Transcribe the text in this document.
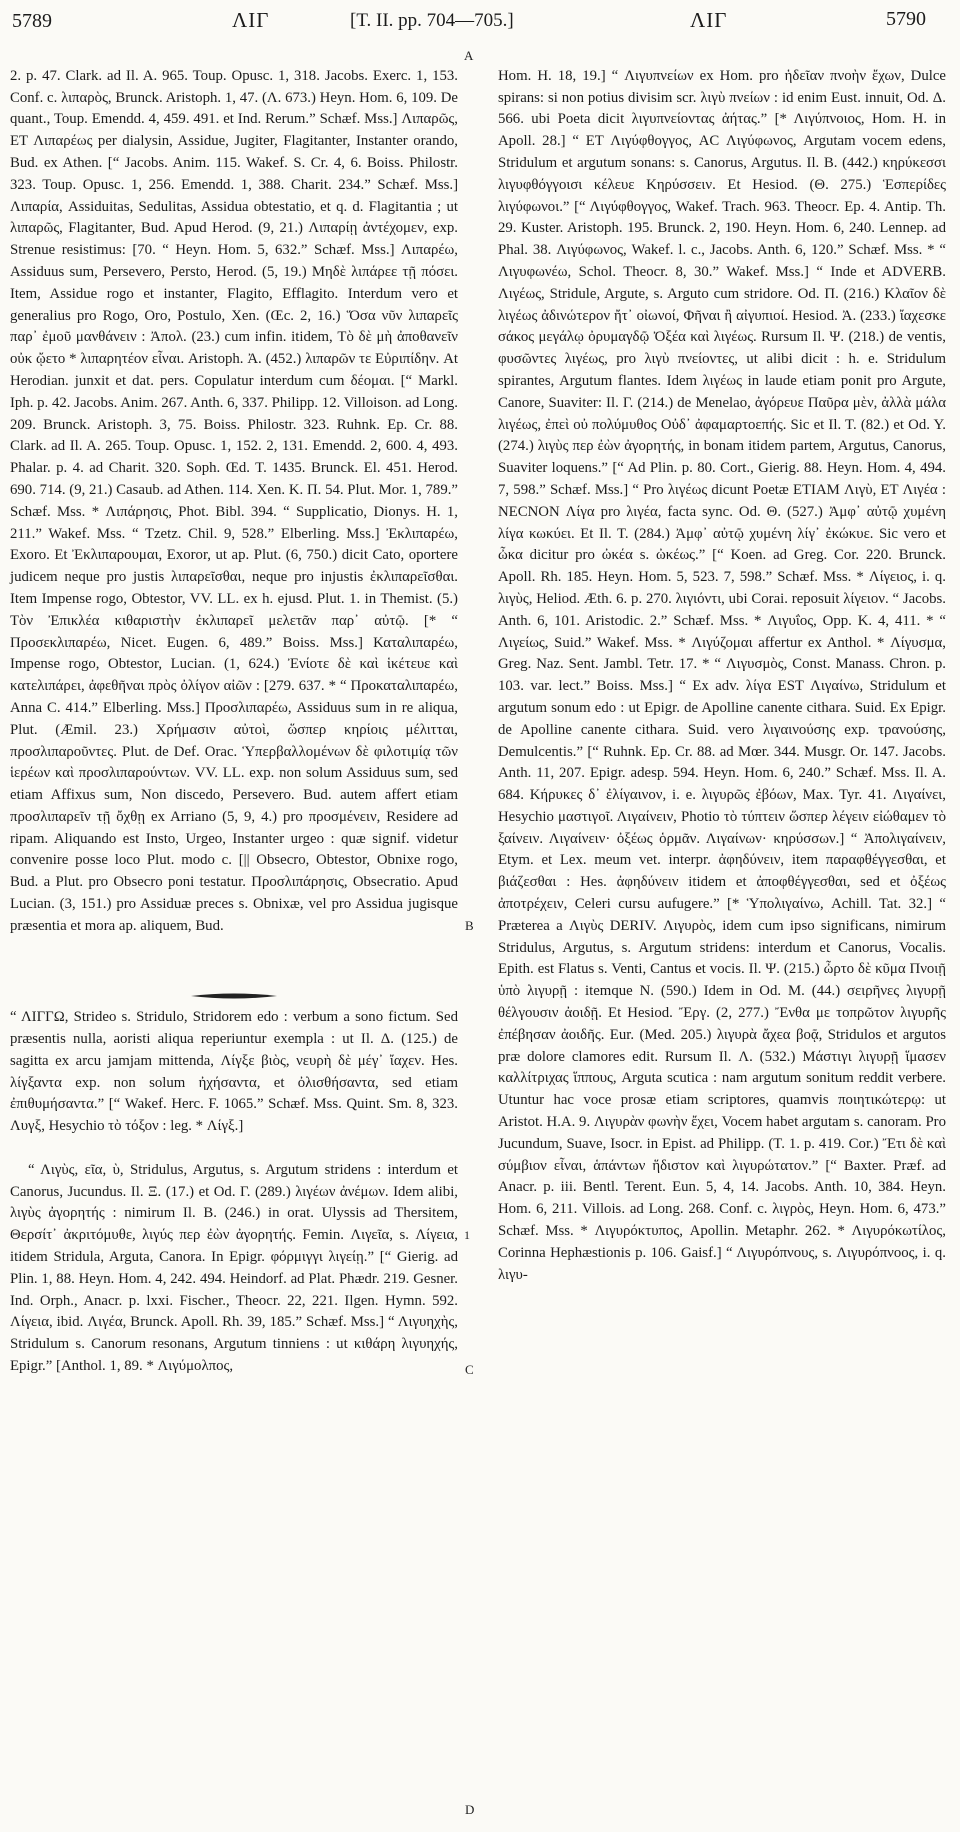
5789	ΛΙΓ	[T. II. pp. 704—705.]	ΛΙΓ	5790

2. p. 47. Clark. ad Il. A. 965. Toup. Opusc. 1, 318. Jacobs. Exerc. 1, 153. Conf. c. λιπαρὸς, Brunck. Aristoph. 1, 47. (Λ. 673.) Heyn. Hom. 6, 109. De quant., Toup. Emendd. 4, 459. 491. et Ind. Rerum.” Schæf. Mss.] Λιπαρῶς, ET Λιπαρέως per dialysin, Assidue, Jugiter, Flagitanter, Instanter orando, Bud. ex Athen. [“ Jacobs. Anim. 115. Wakef. S. Cr. 4, 6. Boiss. Philostr. 323. Toup. Opusc. 1, 256. Emendd. 1, 388. Charit. 234.” Schæf. Mss.] Λιπαρία, Assiduitas, Sedulitas, Assidua obtestatio, et q. d. Flagitantia ; ut λιπαρῶς, Flagitanter, Bud. Apud Herod. (9, 21.) Λιπαρίῃ ἀντέχομεν, exp. Strenue resistimus: [70. “ Heyn. Hom. 5, 632.” Schæf. Mss.] Λιπαρέω, Assiduus sum, Persevero, Persto, Herod. (5, 19.) Μηδὲ λιπάρεε τῇ πόσει. Item, Assidue rogo et instanter, Flagito, Efflagito. Interdum vero et generalius pro Rogo, Oro, Postulo, Xen. (Œc. 2, 16.) Ὅσα νῦν λιπαρεῖς παρ᾽ ἐμοῦ μανθάνειν : Ἀπολ. (23.) cum infin. itidem, Τὸ δὲ μὴ ἀποθανεῖν οὐκ ᾤετο * λιπαρητέον εἶναι. Aristoph. Ἀ. (452.) λιπαρῶν τε Εὐριπίδην. At Herodian. junxit et dat. pers. Copulatur interdum cum δέομαι. [“ Markl. Iph. p. 42. Jacobs. Anim. 267. Anth. 6, 337. Philipp. 12. Villoison. ad Long. 209. Brunck. Aristoph. 3, 75. Boiss. Philostr. 323. Ruhnk. Ep. Cr. 88. Clark. ad Il. A. 265. Toup. Opusc. 1, 152. 2, 131. Emendd. 2, 600. 4, 493. Phalar. p. 4. ad Charit. 320. Soph. Œd. T. 1435. Brunck. El. 451. Herod. 690. 714. (9, 21.) Casaub. ad Athen. 114. Xen. K. Π. 54. Plut. Mor. 1, 789.” Schæf. Mss. * Λιπάρησις, Phot. Bibl. 394. “ Supplicatio, Dionys. H. 1, 211.” Wakef. Mss. “ Tzetz. Chil. 9, 528.” Elberling. Mss.] Ἐκλιπαρέω, Exoro. Et Ἐκλιπαρουμαι, Exoror, ut ap. Plut. (6, 750.) dicit Cato, oportere judicem neque pro justis λιπαρεῖσθαι, neque pro injustis ἐκλιπαρεῖσθαι. Item Impense rogo, Obtestor, VV. LL. ex h. ejusd. Plut. 1. in Themist. (5.) Τὸν Ἐπικλέα κιθαριστὴν ἐκλιπαρεῖ μελετᾶν παρ᾽ αὐτῷ. [* “ Προσεκλιπαρέω, Nicet. Eugen. 6, 489.” Boiss. Mss.] Καταλιπαρέω, Impense rogo, Obtestor, Lucian. (1, 624.) Ἐνίοτε δὲ καὶ ἱκέτευε καὶ κατελιπάρει, ἀφεθῆναι πρὸς ὀλίγον αἰῶν : [279. 637. * “ Προκαταλιπαρέω, Anna C. 414.” Elberling. Mss.] Προσλιπαρέω, Assiduus sum in re aliqua, Plut. (Æmil. 23.) Χρήμασιν αὐτοὶ, ὥσπερ κηρίοις μέλιτται, προσλιπαροῦντες. Plut. de Def. Orac. Ὑπερβαλλομένων δὲ φιλοτιμίᾳ τῶν ἱερέων καὶ προσλιπαρούντων. VV. LL. exp. non solum Assiduus sum, sed etiam Affixus sum, Non discedo, Persevero. Bud. autem affert etiam προσλιπαρεῖν τῇ ὄχθῃ ex Arriano (5, 9, 4.) pro προσμένειν, Residere ad ripam. Aliquando est Insto, Urgeo, Instanter urgeo : quæ signif. videtur convenire posse loco Plut. modo c. [|| Obsecro, Obtestor, Obnixe rogo, Bud. a Plut. pro Obsecro poni testatur. Προσλιπάρησις, Obsecratio. Apud Lucian. (3, 151.) pro Assiduæ preces s. Obnixæ, vel pro Assidua jugisque præsentia et mora ap. aliquem, Bud.

“ ΛΙΓΓΩ, Strideo s. Stridulo, Stridorem edo : verbum a sono fictum. Sed præsentis nulla, aoristi aliqua reperiuntur exempla : ut Il. Δ. (125.) de sagitta ex arcu jamjam mittenda, Λίγξε βιὸς, νευρὴ δὲ μέγ᾽ ἴαχεν. Hes. λίγξαντα exp. non solum ἠχήσαντα, et ὀλισθήσαντα, sed etiam ἐπιθυμήσαντα.” [“ Wakef. Herc. F. 1065.” Schæf. Mss. Quint. Sm. 8, 323. Λυγξ, Hesychio τὸ τόξον : leg. * Λίγξ.]

“ Λιγὺς, εῖα, ὺ, Stridulus, Argutus, s. Argutum stridens : interdum et Canorus, Jucundus. Il. Ξ. (17.) et Od. Γ. (289.) λιγέων ἀνέμων. Idem alibi, λιγὺς ἀγορητής : nimirum Il. B. (246.) in orat. Ulyssis ad Thersitem, Θερσίτ᾽ ἀκριτόμυθε, λιγύς περ ἐὼν ἀγορητής. Femin. Λιγεῖα, s. Λίγεια, itidem Stridula, Arguta, Canora. In Epigr. φόρμιγγι λιγείῃ.” [“ Gierig. ad Plin. 1, 88. Heyn. Hom. 4, 242. 494. Heindorf. ad Plat. Phædr. 219. Gesner. Ind. Orph., Anacr. p. lxxi. Fischer., Theocr. 22, 221. Ilgen. Hymn. 592. Λίγεια, ibid. Λιγέα, Brunck. Apoll. Rh. 39, 185.” Schæf. Mss.] “ Λιγυηχὴς, Stridulum s. Canorum resonans, Argutum tinniens : ut κιθάρη λιγυηχής, Epigr.” [Anthol. 1, 89. * Λιγύμολπος,

Hom. H. 18, 19.] “ Λιγυπνείων ex Hom. pro ἡδεῖαν πνοὴν ἔχων, Dulce spirans: si non potius divisim scr. λιγὺ πνείων : id enim Eust. innuit, Od. Δ. 566. ubi Poeta dicit λιγυπνείοντας ἀήτας.” [* Λιγύπνοιος, Hom. H. in Apoll. 28.] “ ET Λιγύφθογγος, AC Λιγύφωνος, Argutam vocem edens, Stridulum et argutum sonans: s. Canorus, Argutus. Il. B. (442.) κηρύκεσσι λιγυφθόγγοισι κέλευε Κηρύσσειν. Et Hesiod. (Θ. 275.) Ἑσπερίδες λιγύφωνοι.” [“ Λιγύφθογγος, Wakef. Trach. 963. Theocr. Ep. 4. Antip. Th. 29. Kuster. Aristoph. 195. Brunck. 2, 190. Heyn. Hom. 6, 240. Lennep. ad Phal. 38. Λιγύφωνος, Wakef. l. c., Jacobs. Anth. 6, 120.” Schæf. Mss. * “ Λιγυφωνέω, Schol. Theocr. 8, 30.” Wakef. Mss.] “ Inde et ADVERB. Λιγέως, Stridule, Argute, s. Arguto cum stridore. Od. Π. (216.) Κλαῖον δὲ λιγέως ἀδινώτερον ἤτ᾽ οἰωνοί, Φῆναι ἢ αἰγυπιοί. Hesiod. Ἀ. (233.) ἴαχεσκε σάκος μεγάλῳ ὀρυμαγδῷ Ὀξέα καὶ λιγέως. Rursum Il. Ψ. (218.) de ventis, φυσῶντες λιγέως, pro λιγὺ πνείοντες, ut alibi dicit : h. e. Stridulum spirantes, Argutum flantes. Idem λιγέως in laude etiam ponit pro Argute, Canore, Suaviter: Il. Γ. (214.) de Menelao, ἀγόρευε Παῦρα μὲν, ἀλλὰ μάλα λιγέως, ἐπεὶ οὐ πολύμυθος Οὐδ᾽ ἀφαμαρτοεπής. Sic et Il. T. (82.) et Od. Y. (274.) λιγὺς περ ἐὼν ἀγορητής, in bonam itidem partem, Argutus, Canorus, Suaviter loquens.” [“ Ad Plin. p. 80. Cort., Gierig. 88. Heyn. Hom. 4, 494. 7, 598.” Schæf. Mss.] “ Pro λιγέως dicunt Poetæ ETIAM Λιγὺ, ET Λιγέα : NECNON Λίγα pro λιγέα, facta sync. Od. Θ. (527.) Ἀμφ᾽ αὐτῷ χυμένη λίγα κωκύει. Et Il. T. (284.) Ἀμφ᾽ αὐτῷ χυμένη λίγ᾽ ἐκώκυε. Sic vero et ὦκα dicitur pro ὠκέα s. ὠκέως.” [“ Koen. ad Greg. Cor. 220. Brunck. Apoll. Rh. 185. Heyn. Hom. 5, 523. 7, 598.” Schæf. Mss. * Λίγειος, i. q. λιγὺς, Heliod. Æth. 6. p. 270. λιγιόντι, ubi Corai. reposuit λίγειον. “ Jacobs. Anth. 6, 101. Aristodic. 2.” Schæf. Mss. * Λιγυΐος, Opp. K. 4, 411. * “ Λιγείως, Suid.” Wakef. Mss. * Λιγύζομαι affertur ex Anthol. * Λίγυσμα, Greg. Naz. Sent. Jambl. Tetr. 17. * “ Λιγυσμὸς, Const. Manass. Chron. p. 103. var. lect.” Boiss. Mss.] “ Ex adv. λίγα EST Λιγαίνω, Stridulum et argutum sonum edo : ut Epigr. de Apolline canente cithara. Suid. Ex Epigr. de Apolline canente cithara. Suid. vero λιγαινούσης exp. τρανούσης, Demulcentis.” [“ Ruhnk. Ep. Cr. 88. ad Mœr. 344. Musgr. Or. 147. Jacobs. Anth. 11, 207. Epigr. adesp. 594. Heyn. Hom. 6, 240.” Schæf. Mss. Il. A. 684. Κήρυκες δ᾽ ἐλίγαινον, i. e. λιγυρῶς ἐβόων, Max. Tyr. 41. Λιγαίνει, Hesychio μαστιγοῖ. Λιγαίνειν, Photio τὸ τύπτειν ὥσπερ λέγειν εἰώθαμεν τὸ ξαίνειν. Λιγαίνειν· ὀξέως ὁρμᾶν. Λιγαίνων· κηρύσσων.] “ Ἀπολιγαίνειν, Etym. et Lex. meum vet. interpr. ἀφηδύνειν, item παραφθέγγεσθαι, et βιάζεσθαι : Hes. ἀφηδύνειν itidem et ἀποφθέγγεσθαι, sed et ὀξέως ἀποτρέχειν, Celeri cursu aufugere.” [* Ὑπολιγαίνω, Achill. Tat. 32.] “ Præterea a Λιγὺς DERIV. Λιγυρὸς, idem cum ipso significans, nimirum Stridulus, Argutus, s. Argutum stridens: interdum et Canorus, Vocalis. Epith. est Flatus s. Venti, Cantus et vocis. Il. Ψ. (215.) ὦρτο δὲ κῦμα Πνοιῇ ὑπὸ λιγυρῇ : itemque N. (590.) Idem in Od. M. (44.) σειρῆνες λιγυρῇ θέλγουσιν ἀοιδῇ. Et Hesiod. Ἔργ. (2, 277.) Ἔνθα με τοπρῶτον λιγυρῆς ἐπέβησαν ἀοιδῆς. Eur. (Med. 205.) λιγυρὰ ἄχεα βοᾷ, Stridulos et argutos præ dolore clamores edit. Rursum Il. Λ. (532.) Μάστιγι λιγυρῇ ἵμασεν καλλίτριχας ἵππους, Arguta scutica : nam argutum sonitum reddit verbere. Utuntur hac voce prosæ etiam scriptores, quamvis ποιητικώτερῳ: ut Aristot. H.A. 9. Λιγυρὰν φωνὴν ἔχει, Vocem habet argutam s. canoram. Pro Jucundum, Suave, Isocr. in Epist. ad Philipp. (T. 1. p. 419. Cor.) Ἔτι δὲ καὶ σύμβιον εἶναι, ἁπάντων ἥδιστον καὶ λιγυρώτατον.” [“ Baxter. Præf. ad Anacr. p. iii. Bentl. Terent. Eun. 5, 4, 14. Jacobs. Anth. 10, 384. Heyn. Hom. 6, 211. Villois. ad Long. 268. Conf. c. λιγρὸς, Heyn. Hom. 6, 473.” Schæf. Mss. * Λιγυρόκτυπος, Apollin. Metaphr. 262. * Λιγυρόκωτίλος, Corinna Hephæstionis p. 106. Gaisf.] “ Λιγυρόπνους, s. Λιγυρόπνοος, i. q. λιγυ-

A
B
C
D
1
